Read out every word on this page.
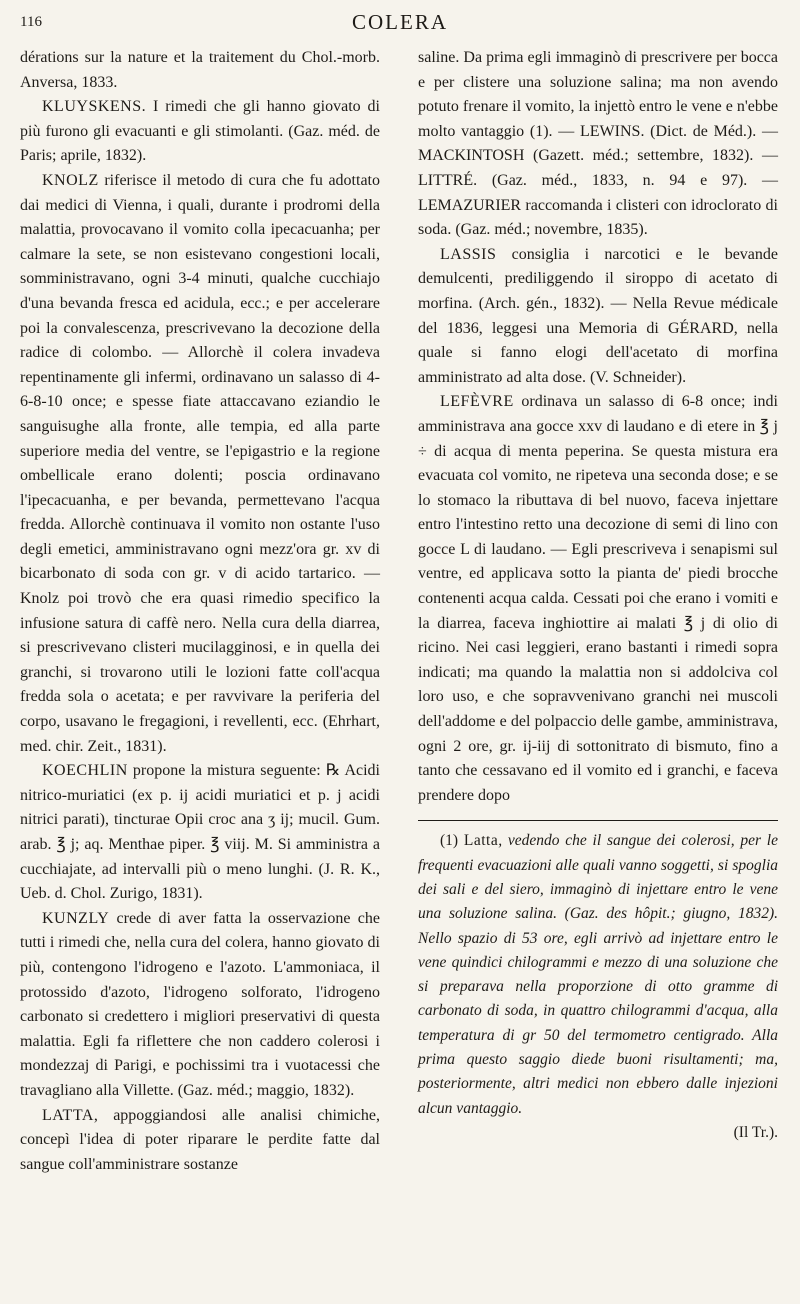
116	COLERA

dérations sur la nature et la traitement du Chol.-morb. Anversa, 1833.

KLUYSKENS. I rimedi che gli hanno giovato di più furono gli evacuanti e gli stimolanti. (Gaz. méd. de Paris; aprile, 1832).

KNOLZ riferisce il metodo di cura che fu adottato dai medici di Vienna, i quali, durante i prodromi della malattia, provocavano il vomito colla ipecacuanha; per calmare la sete, se non esistevano congestioni locali, somministravano, ogni 3-4 minuti, qualche cucchiajo d'una bevanda fresca ed acidula, ecc.; e per accelerare poi la convalescenza, prescrivevano la decozione della radice di colombo. — Allorchè il colera invadeva repentinamente gli infermi, ordinavano un salasso di 4-6-8-10 once; e spesse fiate attaccavano eziandio le sanguisughe alla fronte, alle tempia, ed alla parte superiore media del ventre, se l'epigastrio e la regione ombellicale erano dolenti; poscia ordinavano l'ipecacuanha, e per bevanda, permettevano l'acqua fredda. Allorchè continuava il vomito non ostante l'uso degli emetici, amministravano ogni mezz'ora gr. xv di bicarbonato di soda con gr. v di acido tartarico. — Knolz poi trovò che era quasi rimedio specifico la infusione satura di caffè nero. Nella cura della diarrea, si prescrivevano clisteri mucilagginosi, e in quella dei granchi, si trovarono utili le lozioni fatte coll'acqua fredda sola o acetata; e per ravvivare la periferia del corpo, usavano le fregagioni, i revellenti, ecc. (Ehrhart, med. chir. Zeit., 1831).

KOECHLIN propone la mistura seguente: ℞ Acidi nitrico-muriatici (ex p. ij acidi muriatici et p. j acidi nitrici parati), tincturae Opii croc ana ʒ ij; mucil. Gum. arab. ℥ j; aq. Menthae piper. ℥ viij. M. Si amministra a cucchiajate, ad intervalli più o meno lunghi. (J. R. K., Ueb. d. Chol. Zurigo, 1831).

KUNZLY crede di aver fatta la osservazione che tutti i rimedi che, nella cura del colera, hanno giovato di più, contengono l'idrogeno e l'azoto. L'ammoniaca, il protossido d'azoto, l'idrogeno solforato, l'idrogeno carbonato si credettero i migliori preservativi di questa malattia. Egli fa riflettere che non caddero colerosi i mondezzaj di Parigi, e pochissimi tra i vuotacessi che travagliano alla Villette. (Gaz. méd.; maggio, 1832).

LATTA, appoggiandosi alle analisi chimiche, concepì l'idea di poter riparare le perdite fatte dal sangue coll'amministrare sostanze

saline. Da prima egli immaginò di prescrivere per bocca e per clistere una soluzione salina; ma non avendo potuto frenare il vomito, la injettò entro le vene e n'ebbe molto vantaggio (1). — LEWINS. (Dict. de Méd.). — MACKINTOSH (Gazett. méd.; settembre, 1832). — LITTRÉ. (Gaz. méd., 1833, n. 94 e 97). — LEMAZURIER raccomanda i clisteri con idroclorato di soda. (Gaz. méd.; novembre, 1835).

LASSIS consiglia i narcotici e le bevande demulcenti, prediliggendo il siroppo di acetato di morfina. (Arch. gén., 1832). — Nella Revue médicale del 1836, leggesi una Memoria di GÉRARD, nella quale si fanno elogi dell'acetato di morfina amministrato ad alta dose. (V. Schneider).

LEFÈVRE ordinava un salasso di 6-8 once; indi amministrava ana gocce xxv di laudano e di etere in ℥ j ÷ di acqua di menta peperina. Se questa mistura era evacuata col vomito, ne ripeteva una seconda dose; e se lo stomaco la ributtava di bel nuovo, faceva injettare entro l'intestino retto una decozione di semi di lino con gocce L di laudano. — Egli prescriveva i senapismi sul ventre, ed applicava sotto la pianta de' piedi brocche contenenti acqua calda. Cessati poi che erano i vomiti e la diarrea, faceva inghiottire ai malati ℥ j di olio di ricino. Nei casi leggieri, erano bastanti i rimedi sopra indicati; ma quando la malattia non si addolciva col loro uso, e che sopravvenivano granchi nei muscoli dell'addome e del polpaccio delle gambe, amministrava, ogni 2 ore, gr. ij-iij di sottonitrato di bismuto, fino a tanto che cessavano ed il vomito ed i granchi, e faceva prendere dopo

(1) Latta, vedendo che il sangue dei colerosi, per le frequenti evacuazioni alle quali vanno soggetti, si spoglia dei sali e del siero, immaginò di injettare entro le vene una soluzione salina. (Gaz. des hôpit.; giugno, 1832). Nello spazio di 53 ore, egli arrivò ad injettare entro le vene quindici chilogrammi e mezzo di una soluzione che si preparava nella proporzione di otto gramme di carbonato di soda, in quattro chilogrammi d'acqua, alla temperatura di gr 50 del termometro centigrado. Alla prima questo saggio diede buoni risultamenti; ma, posteriormente, altri medici non ebbero dalle injezioni alcun vantaggio.

(Il Tr.).
